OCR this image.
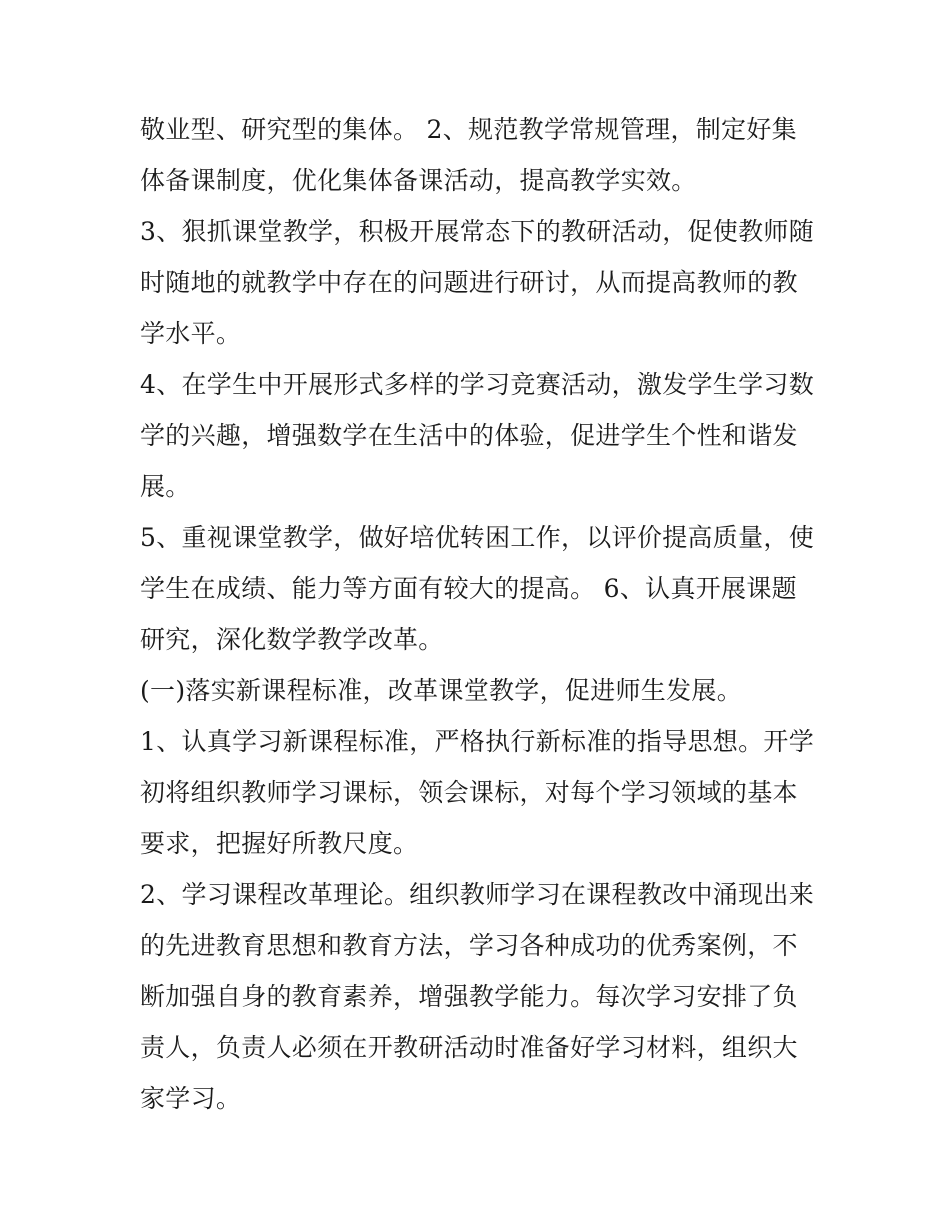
敬业型、研究型的集体。 2、规范教学常规管理，制定好集体备课制度，优化集体备课活动，提高教学实效。

3、狠抓课堂教学，积极开展常态下的教研活动，促使教师随时随地的就教学中存在的问题进行研讨，从而提高教师的教学水平。

4、在学生中开展形式多样的学习竞赛活动，激发学生学习数学的兴趣，增强数学在生活中的体验，促进学生个性和谐发展。

5、重视课堂教学，做好培优转困工作，以评价提高质量，使学生在成绩、能力等方面有较大的提高。 6、认真开展课题研究，深化数学教学改革。

(一)落实新课程标准，改革课堂教学，促进师生发展。

1、认真学习新课程标准，严格执行新标准的指导思想。开学初将组织教师学习课标，领会课标，对每个学习领域的基本要求，把握好所教尺度。

2、学习课程改革理论。组织教师学习在课程教改中涌现出来的先进教育思想和教育方法，学习各种成功的优秀案例，不断加强自身的教育素养，增强教学能力。每次学习安排了负责人，负责人必须在开教研活动时准备好学习材料，组织大家学习。
